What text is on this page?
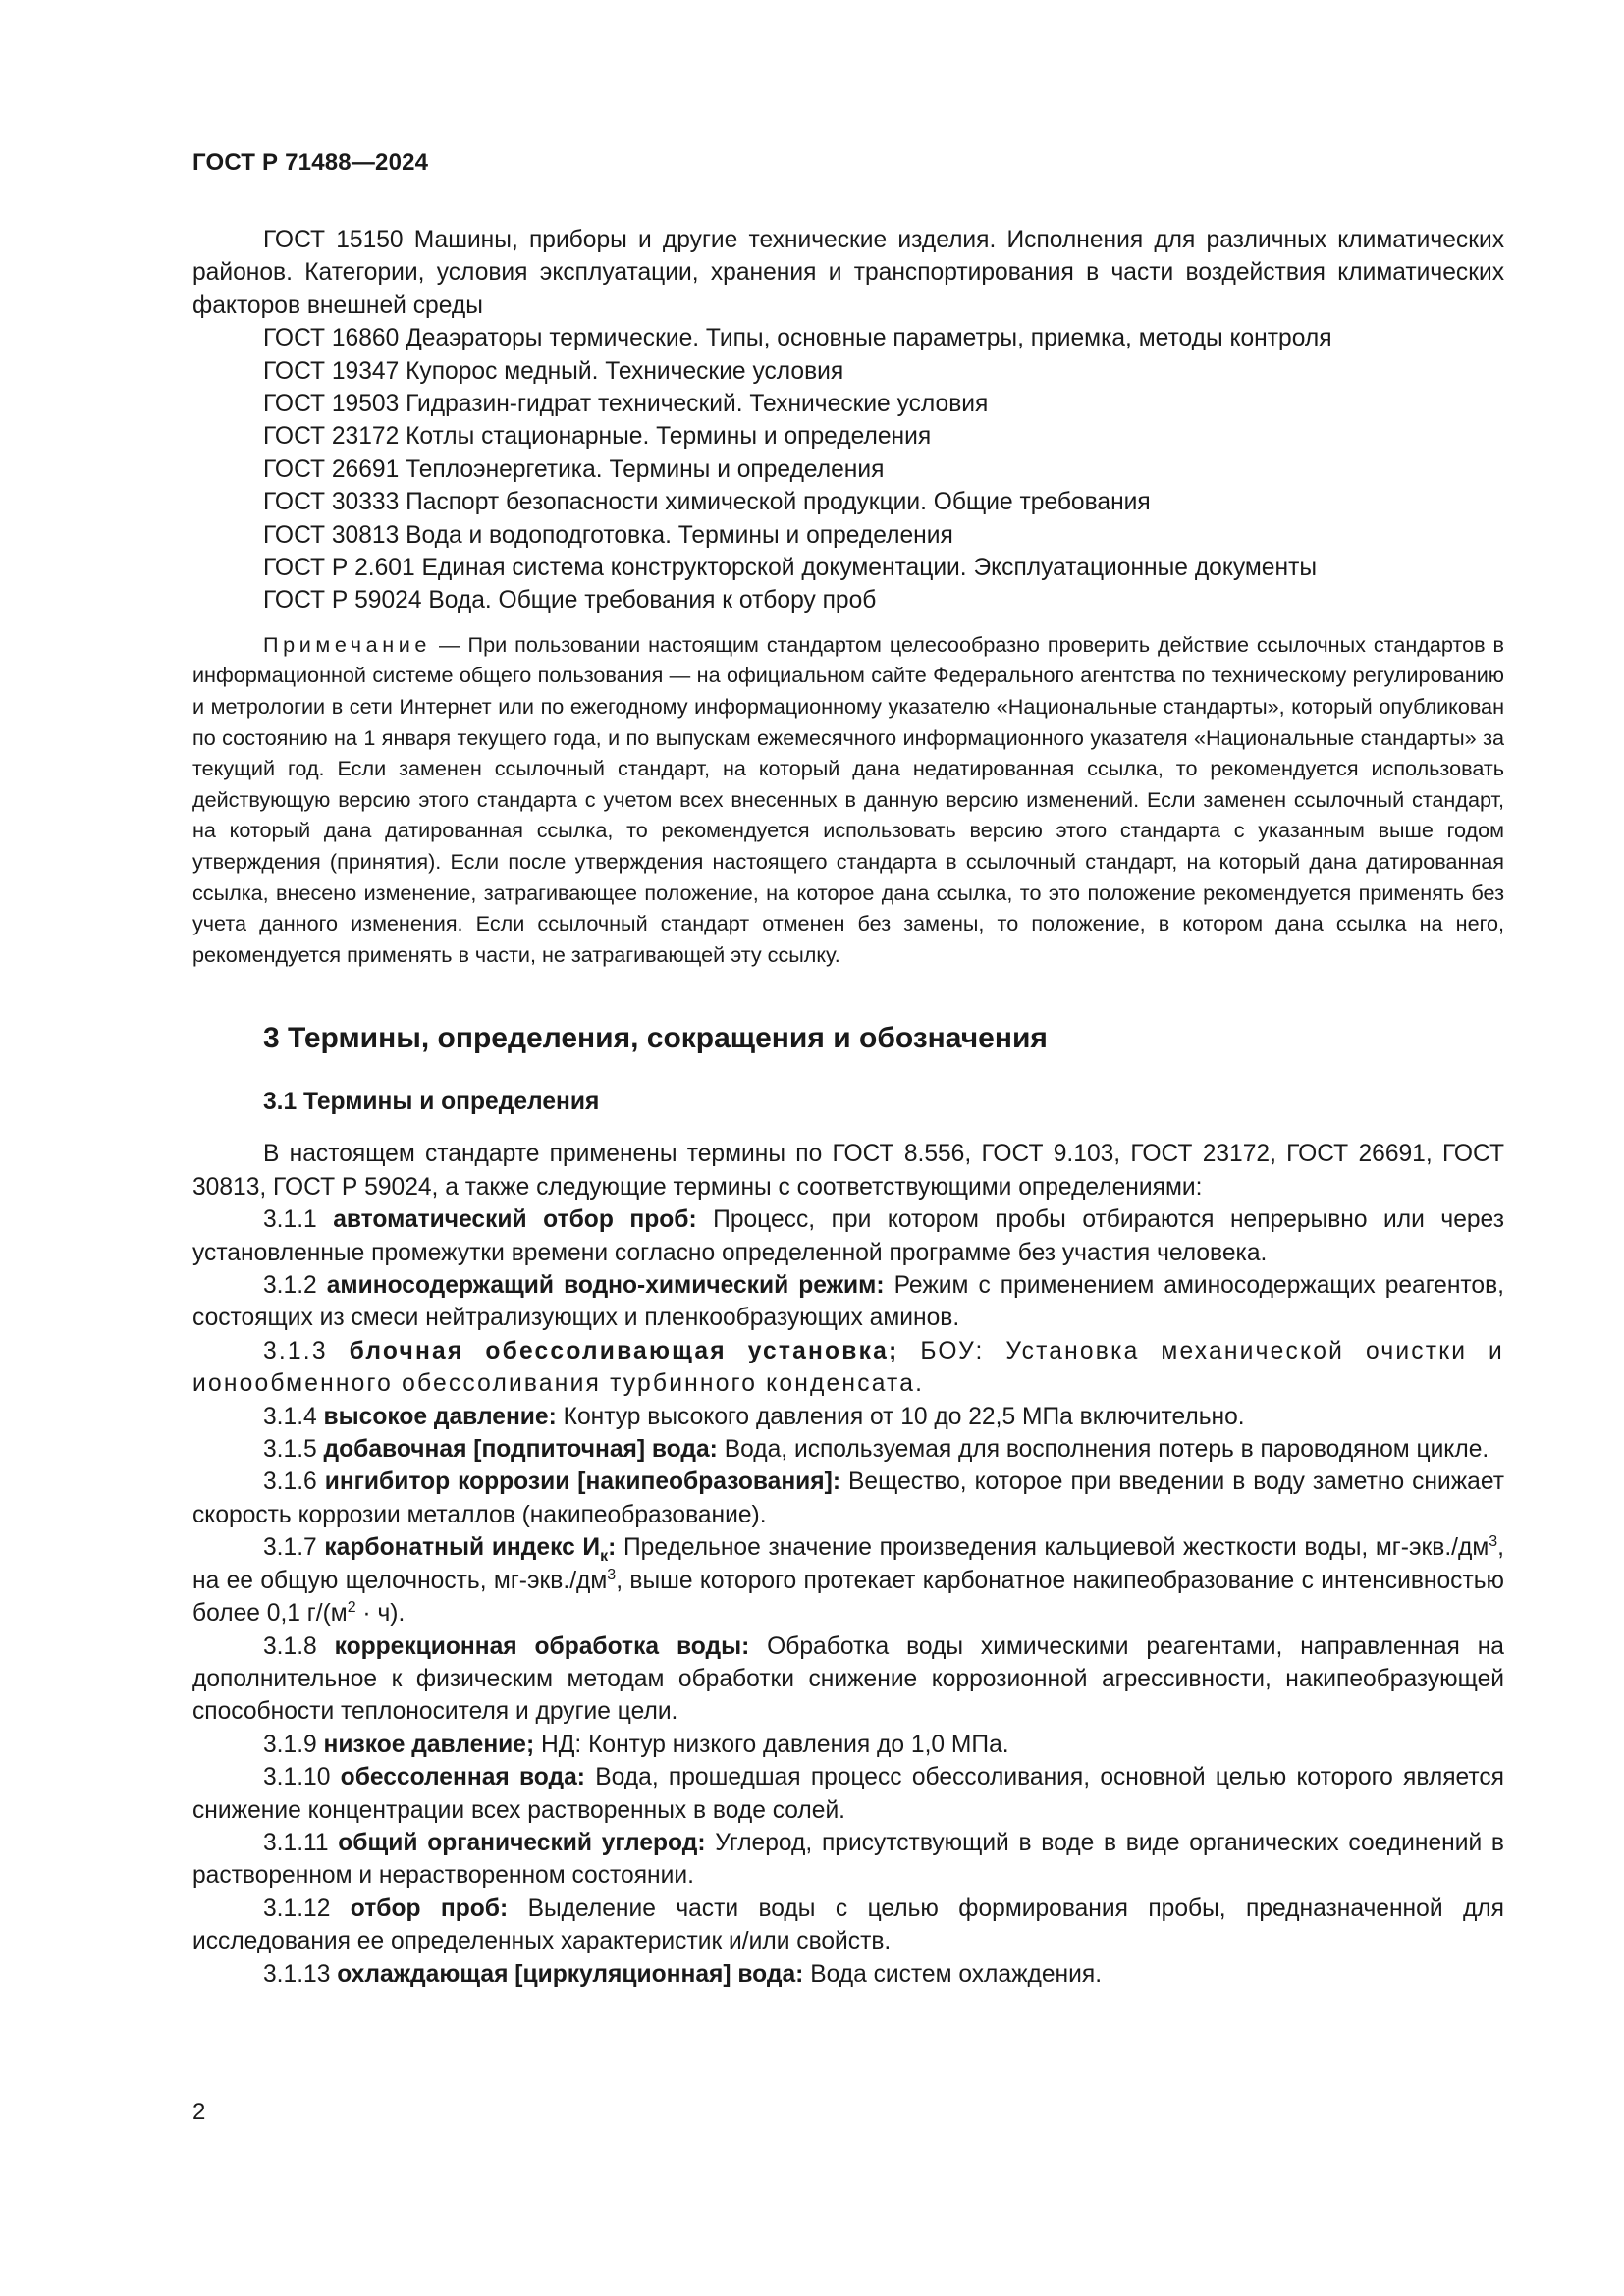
ГОСТ Р 71488—2024

ГОСТ 15150 Машины, приборы и другие технические изделия. Исполнения для различных климатических районов. Категории, условия эксплуатации, хранения и транспортирования в части воздействия климатических факторов внешней среды

ГОСТ 16860 Деаэраторы термические. Типы, основные параметры, приемка, методы контроля

ГОСТ 19347 Купорос медный. Технические условия

ГОСТ 19503 Гидразин-гидрат технический. Технические условия

ГОСТ 23172 Котлы стационарные. Термины и определения

ГОСТ 26691 Теплоэнергетика. Термины и определения

ГОСТ 30333 Паспорт безопасности химической продукции. Общие требования

ГОСТ 30813 Вода и водоподготовка. Термины и определения

ГОСТ Р 2.601 Единая система конструкторской документации. Эксплуатационные документы

ГОСТ Р 59024 Вода. Общие требования к отбору проб

Примечание — При пользовании настоящим стандартом целесообразно проверить действие ссылочных стандартов в информационной системе общего пользования — на официальном сайте Федерального агентства по техническому регулированию и метрологии в сети Интернет или по ежегодному информационному указателю «Национальные стандарты», который опубликован по состоянию на 1 января текущего года, и по выпускам ежемесячного информационного указателя «Национальные стандарты» за текущий год. Если заменен ссылочный стандарт, на который дана недатированная ссылка, то рекомендуется использовать действующую версию этого стандарта с учетом всех внесенных в данную версию изменений. Если заменен ссылочный стандарт, на который дана датированная ссылка, то рекомендуется использовать версию этого стандарта с указанным выше годом утверждения (принятия). Если после утверждения настоящего стандарта в ссылочный стандарт, на который дана датированная ссылка, внесено изменение, затрагивающее положение, на которое дана ссылка, то это положение рекомендуется применять без учета данного изменения. Если ссылочный стандарт отменен без замены, то положение, в котором дана ссылка на него, рекомендуется применять в части, не затрагивающей эту ссылку.

3 Термины, определения, сокращения и обозначения
3.1 Термины и определения

В настоящем стандарте применены термины по ГОСТ 8.556, ГОСТ 9.103, ГОСТ 23172, ГОСТ 26691, ГОСТ 30813, ГОСТ Р 59024, а также следующие термины с соответствующими определениями:

3.1.1 автоматический отбор проб: Процесс, при котором пробы отбираются непрерывно или через установленные промежутки времени согласно определенной программе без участия человека.

3.1.2 аминосодержащий водно-химический режим: Режим с применением аминосодержащих реагентов, состоящих из смеси нейтрализующих и пленкообразующих аминов.

3.1.3 блочная обессоливающая установка; БОУ: Установка механической очистки и ионообменного обессоливания турбинного конденсата.

3.1.4 высокое давление: Контур высокого давления от 10 до 22,5 МПа включительно.

3.1.5 добавочная [подпиточная] вода: Вода, используемая для восполнения потерь в пароводяном цикле.

3.1.6 ингибитор коррозии [накипеобразования]: Вещество, которое при введении в воду заметно снижает скорость коррозии металлов (накипеобразование).

3.1.7 карбонатный индекс $И_к$: Предельное значение произведения кальциевой жесткости воды, $мг-экв./дм^3$, на ее общую щелочность, $мг-экв./дм^3$, выше которого протекает карбонатное накипеобразование с интенсивностью более 0,1 $г/(м^2 \cdot ч)$.

3.1.8 коррекционная обработка воды: Обработка воды химическими реагентами, направленная на дополнительное к физическим методам обработки снижение коррозионной агрессивности, накипеобразующей способности теплоносителя и другие цели.

3.1.9 низкое давление; НД: Контур низкого давления до 1,0 МПа.

3.1.10 обессоленная вода: Вода, прошедшая процесс обессоливания, основной целью которого является снижение концентрации всех растворенных в воде солей.

3.1.11 общий органический углерод: Углерод, присутствующий в воде в виде органических соединений в растворенном и нерастворенном состоянии.

3.1.12 отбор проб: Выделение части воды с целью формирования пробы, предназначенной для исследования ее определенных характеристик и/или свойств.

3.1.13 охлаждающая [циркуляционная] вода: Вода систем охлаждения.

2
